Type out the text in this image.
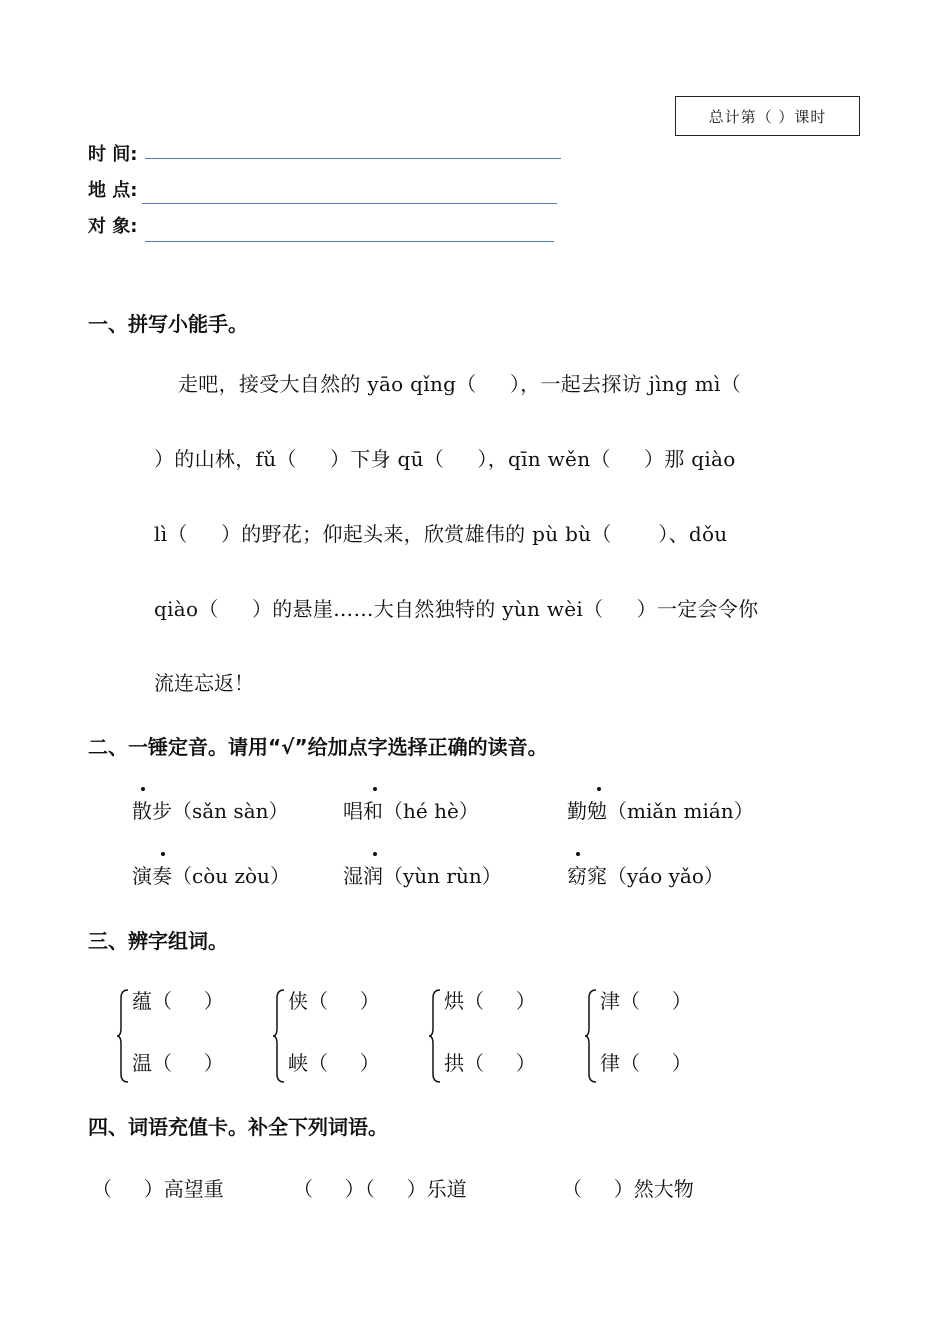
总计第（ ）课时
时 间:
地 点:
对 象:
一、拼写小能手。
走吧，接受大自然的 yāo qǐng（     ），一起去探访 jìng mì（
）的山林，fǔ（     ）下身 qū（     ），qīn wěn（     ）那 qiào
lì（     ）的野花；仰起头来，欣赏雄伟的 pù bù（       ）、dǒu
qiào（     ）的悬崖……大自然独特的 yùn wèi（     ）一定会令你
流连忘返！
二、一锤定音。请用“√”给加点字选择正确的读音。
散步（sǎn sàn）	唱和（hé hè）	勤勉（miǎn mián）
演奏（còu zòu）	湿润（yùn rùn）	窈窕（yáo yǎo）
三、辨字组词。
蕴（     ）
温（     ）
侠（     ）
峡（     ）
烘（     ）
拱（     ）
津（     ）
律（     ）
四、词语充值卡。补全下列词语。
（     ）高望重	（     ）（     ）乐道	（     ）然大物
